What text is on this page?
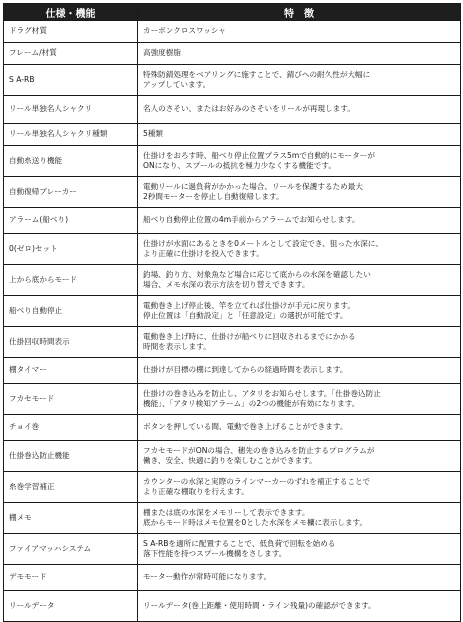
仕様・機能	特　徴
ドラグ材質	カーボンクロスワッシャ
フレーム/材質	高強度樹脂
S A-RB	特殊防錆処理をベアリングに施すことで、錆びへの耐久性が大幅に
アップしています。
リール単独名人シャクリ	名人のさそい、またはお好みのさそいをリールが再現します。
リール単独名人シャクリ種類	5種類
自動糸送り機能	仕掛けをおろす時、船べり停止位置プラス5mで自動的にモーターが
ONになり、スプールの抵抗を極力少なくする機能です。
自動復帰ブレーカー	電動リールに過負荷がかかった場合、リールを保護するため最大
2秒間モーターを停止し自動復帰します。
アラーム(船べり)	船べり自動停止位置の4m手前からアラームでお知らせします。
0(ゼロ)セット	仕掛けが水面にあるときを0メートルとして設定でき、狙った水深に、
より正確に仕掛けを投入できます。
上から底からモード	釣場、釣り方、対象魚など場合に応じて底からの水深を確認したい
場合、メモ水深の表示方法を切り替えできます。
船べり自動停止	電動巻き上げ停止後、竿を立てれば仕掛けが手元に戻ります。
停止位置は「自動設定」と「任意設定」の選択が可能です。
仕掛回収時間表示	電動巻き上げ時に、仕掛けが船べりに回収されるまでにかかる
時間を表示します。
棚タイマー	仕掛けが目標の棚に到達してからの経過時間を表示します。
フカセモード	仕掛けの巻き込みを防止し、アタリをお知らせします。「仕掛巻込防止
機能」、「アタリ検知アラーム」の2つの機能が有効になります。
チョイ巻	ボタンを押している間、電動で巻き上げることができます。
仕掛巻込防止機能	フカセモードがONの場合、穂先の巻き込みを防止するプログラムが
働き、安全、快適に釣りを楽しむことができます。
糸巻学習補正	カウンターの水深と実際のラインマーカーのずれを補正することで
より正確な棚取りを行えます。
棚メモ	棚または底の水深をメモリーして表示できます。
底からモード時はメモ位置を0とした水深をメモ欄に表示します。
ファイアマッハシステム	S A-RBを適所に配置することで、低負荷で回転を始める
落下性能を持つスプール機構をさします。
デモモード	モーター動作が常時可能になります。
リールデータ	リールデータ(巻上距離・使用時間・ライン残量)の確認ができます。
